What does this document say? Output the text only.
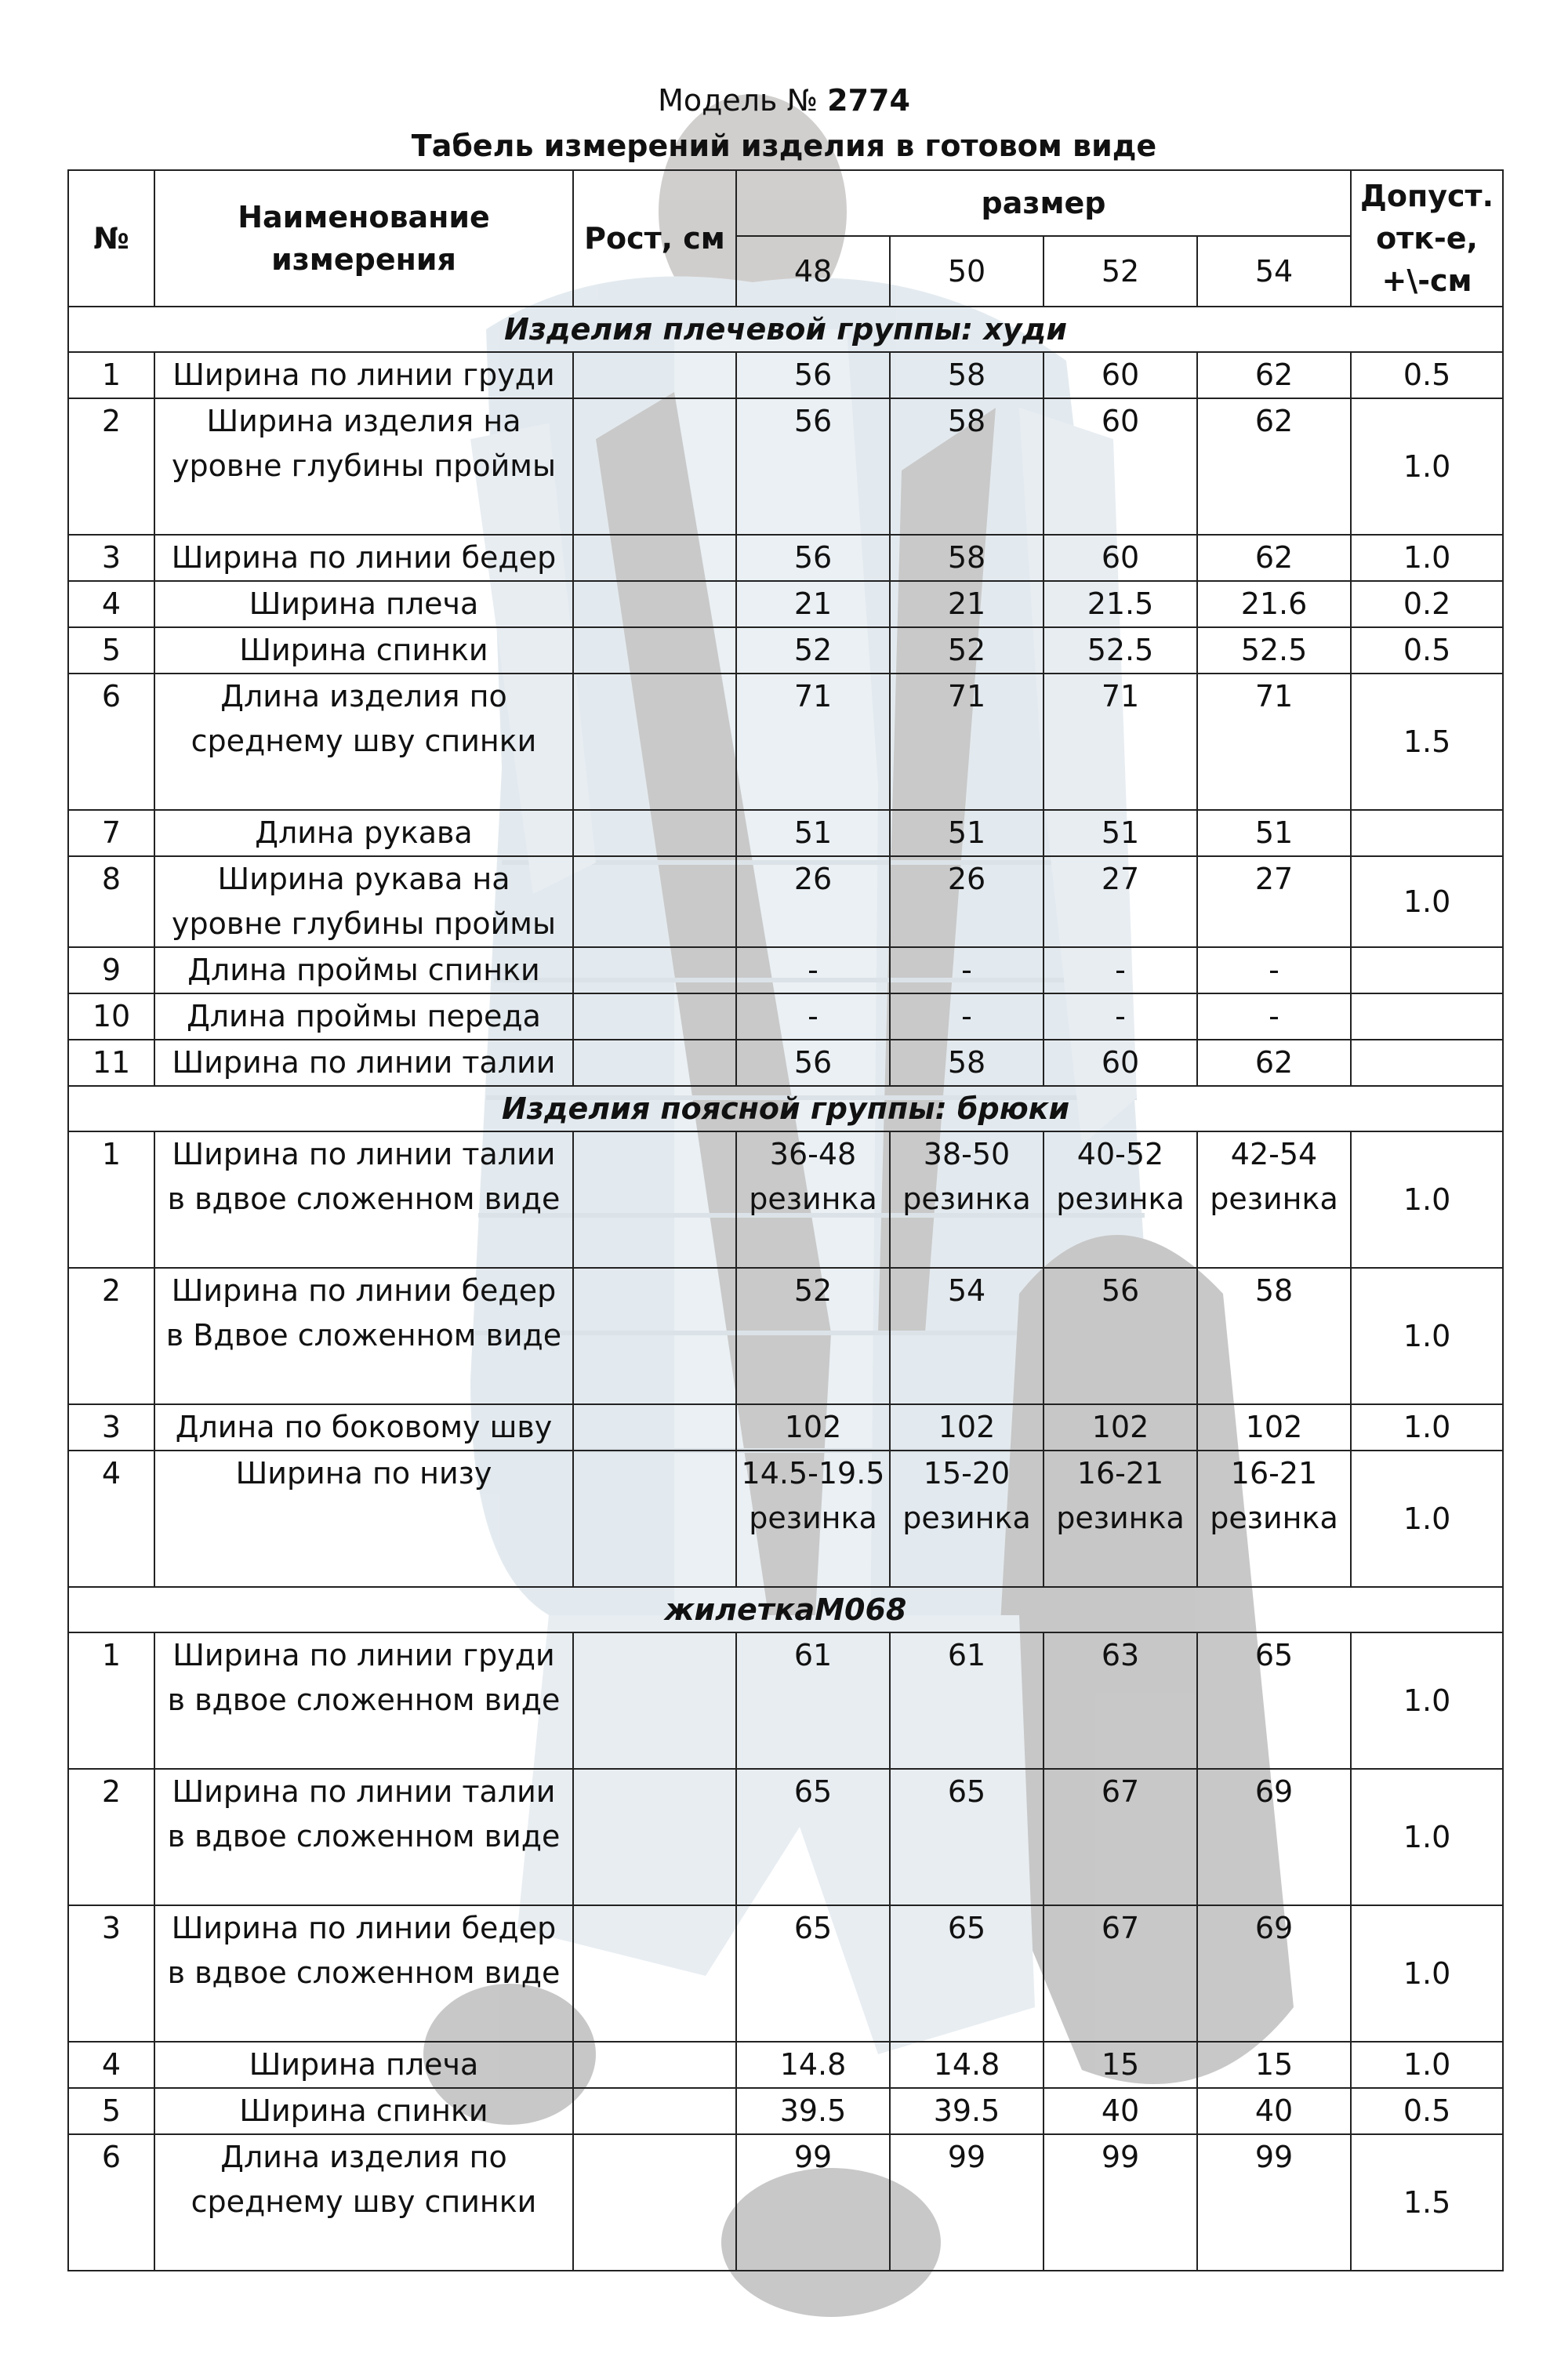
Модель № 2774
Табель измерений изделия в готовом виде
№	Наименование измерения	Рост, см	размер				Допуст. отк-е, +\-см
			48	50	52	54	
Изделия плечевой группы: худи							
1	Ширина по линии груди		56	58	60	62	0.5
2	Ширина изделия на уровне глубины проймы		56	58	60	62	1.0
3	Ширина по линии бедер		56	58	60	62	1.0
4	Ширина плеча		21	21	21.5	21.6	0.2
5	Ширина спинки		52	52	52.5	52.5	0.5
6	Длина изделия по среднему шву спинки		71	71	71	71	1.5
7	Длина рукава		51	51	51	51	
8	Ширина рукава на уровне глубины проймы		26	26	27	27	1.0
9	Длина проймы спинки		-	-	-	-	
10	Длина проймы переда		-	-	-	-	
11	Ширина по линии талии		56	58	60	62	
Изделия поясной группы: брюки							
1	Ширина по линии талии в вдвое сложенном виде		36-48 резинка	38-50 резинка	40-52 резинка	42-54 резинка	1.0
2	Ширина по линии бедер в Вдвое сложенном виде		52	54	56	58	1.0
3	Длина по боковому шву		102	102	102	102	1.0
4	Ширина по низу		14.5-19.5 резинка	15-20 резинка	16-21 резинка	16-21 резинка	1.0
жилеткаМ068							
1	Ширина по линии груди в вдвое сложенном виде		61	61	63	65	1.0
2	Ширина по линии талии в вдвое сложенном виде		65	65	67	69	1.0
3	Ширина по линии бедер в вдвое сложенном виде		65	65	67	69	1.0
4	Ширина плеча		14.8	14.8	15	15	1.0
5	Ширина спинки		39.5	39.5	40	40	0.5
6	Длина изделия по среднему шву спинки		99	99	99	99	1.5
